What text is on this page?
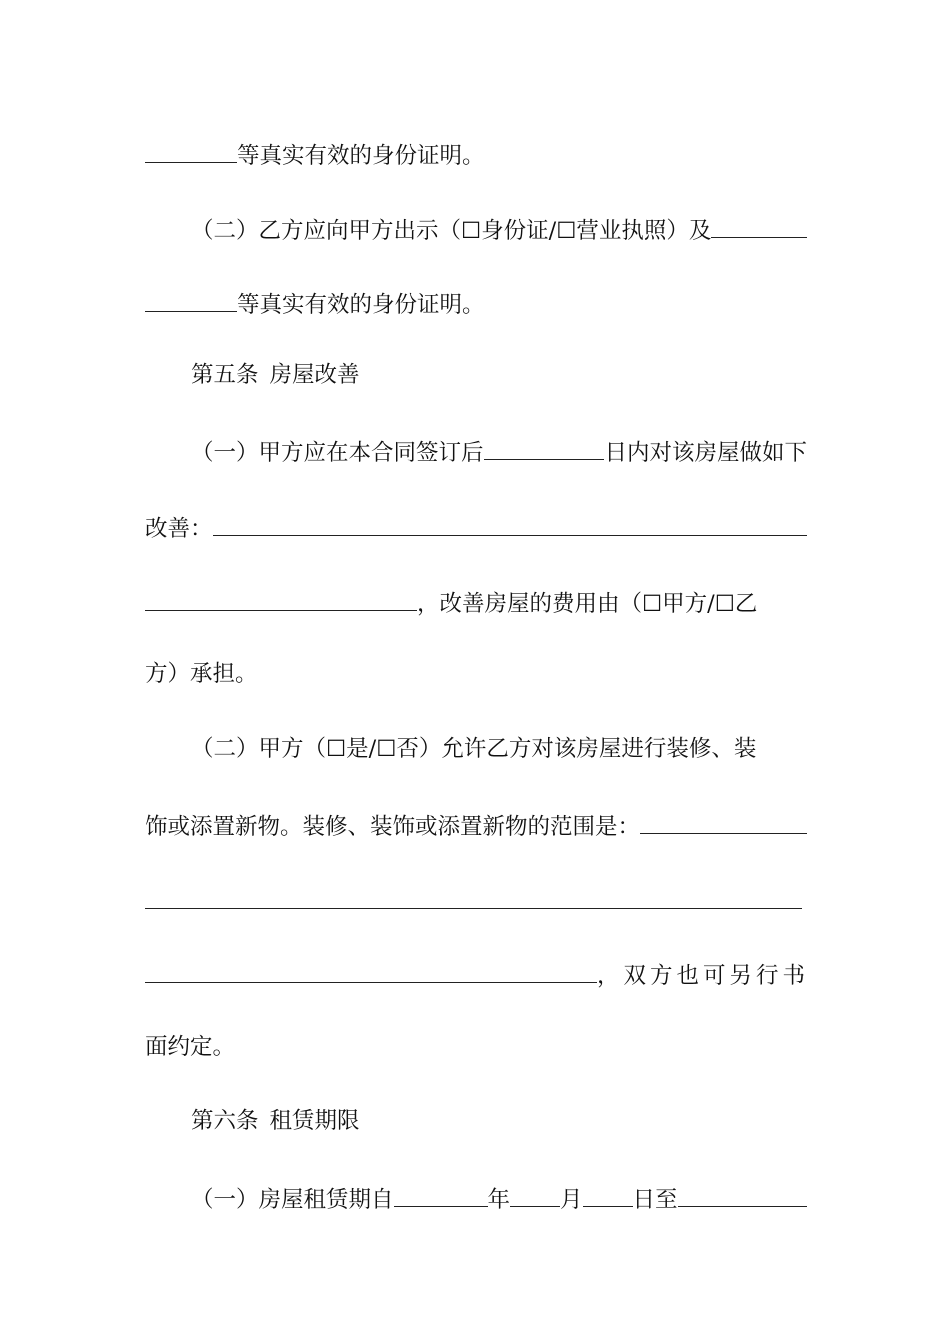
等真实有效的身份证明。
（二）乙方应向甲方出示（☐身份证/☐营业执照）及
等真实有效的身份证明。
第五条 房屋改善
（一）甲方应在本合同签订后	日内对该房屋做如下
改善：
，改善房屋的费用由（☐甲方/☐乙
方）承担。
（二）甲方（☐是/☐否）允许乙方对该房屋进行装修、装
饰或添置新物。装修、装饰或添置新物的范围是：
，双方也可另行书
面约定。
第六条 租赁期限
（一）房屋租赁期自	年 月 日至
